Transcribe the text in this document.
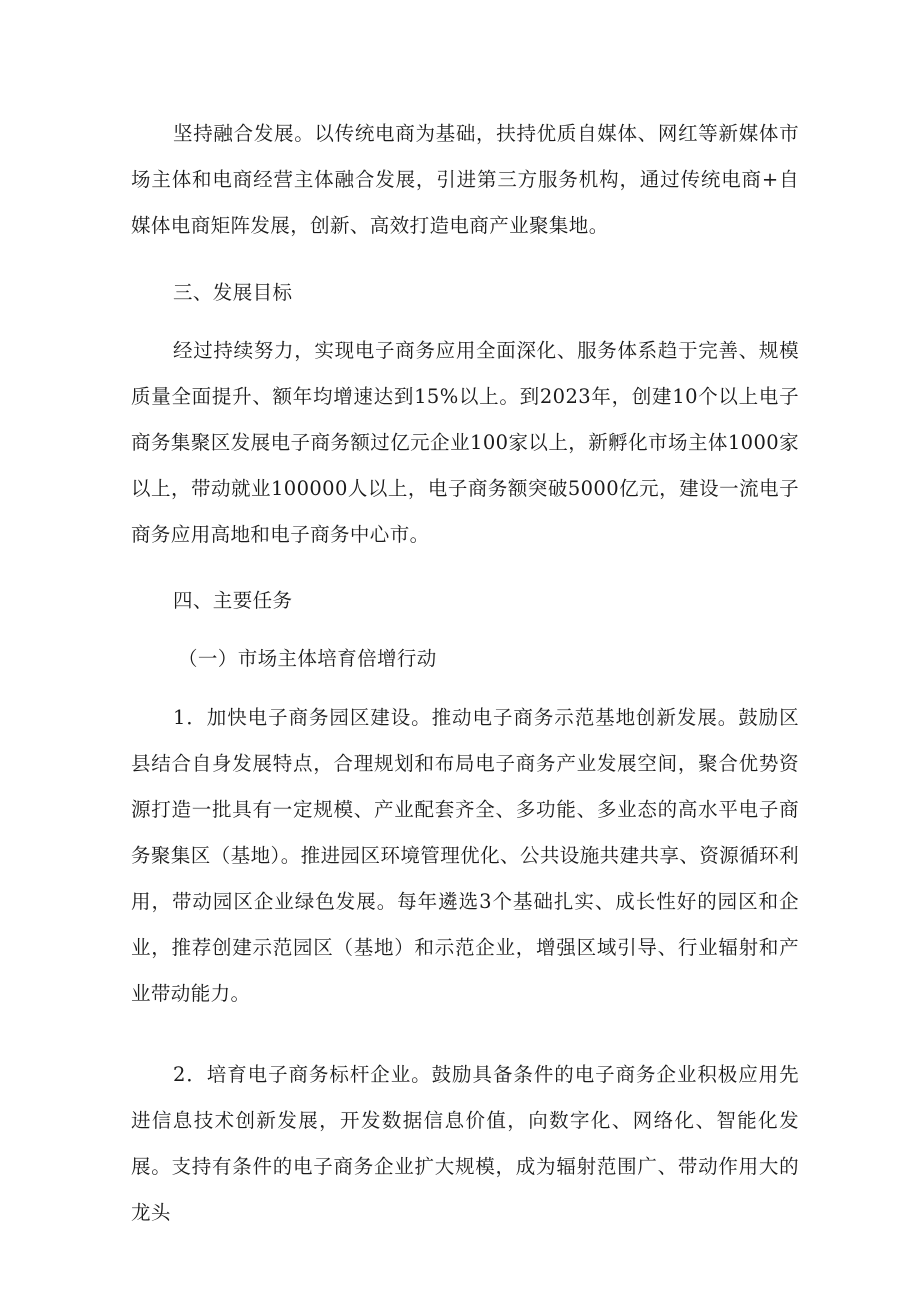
坚持融合发展。以传统电商为基础，扶持优质自媒体、网红等新媒体市场主体和电商经营主体融合发展，引进第三方服务机构，通过传统电商+自媒体电商矩阵发展，创新、高效打造电商产业聚集地。

三、发展目标

经过持续努力，实现电子商务应用全面深化、服务体系趋于完善、规模质量全面提升、额年均增速达到15%以上。到2023年，创建10个以上电子商务集聚区发展电子商务额过亿元企业100家以上，新孵化市场主体1000家以上，带动就业100000人以上，电子商务额突破5000亿元，建设一流电子商务应用高地和电子商务中心市。

四、主要任务

（一）市场主体培育倍增行动

1．加快电子商务园区建设。推动电子商务示范基地创新发展。鼓励区县结合自身发展特点，合理规划和布局电子商务产业发展空间，聚合优势资源打造一批具有一定规模、产业配套齐全、多功能、多业态的高水平电子商务聚集区（基地）。推进园区环境管理优化、公共设施共建共享、资源循环利用，带动园区企业绿色发展。每年遴选3个基础扎实、成长性好的园区和企业，推荐创建示范园区（基地）和示范企业，增强区域引导、行业辐射和产业带动能力。

2．培育电子商务标杆企业。鼓励具备条件的电子商务企业积极应用先进信息技术创新发展，开发数据信息价值，向数字化、网络化、智能化发展。支持有条件的电子商务企业扩大规模，成为辐射范围广、带动作用大的龙头
